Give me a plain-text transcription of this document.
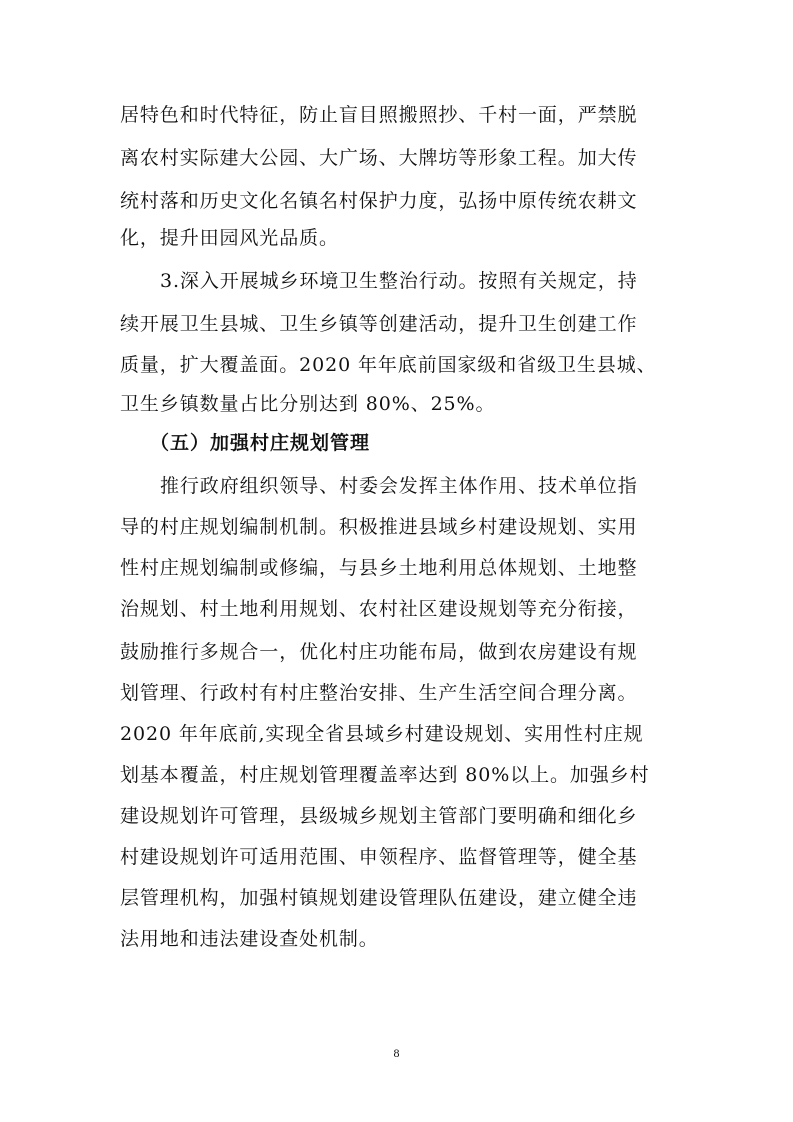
居特色和时代特征，防止盲目照搬照抄、千村一面，严禁脱
离农村实际建大公园、大广场、大牌坊等形象工程。加大传
统村落和历史文化名镇名村保护力度，弘扬中原传统农耕文
化，提升田园风光品质。
3.深入开展城乡环境卫生整治行动。按照有关规定，持
续开展卫生县城、卫生乡镇等创建活动，提升卫生创建工作
质量，扩大覆盖面。2020 年年底前国家级和省级卫生县城、
卫生乡镇数量占比分别达到 80%、25%。
（五）加强村庄规划管理
推行政府组织领导、村委会发挥主体作用、技术单位指
导的村庄规划编制机制。积极推进县域乡村建设规划、实用
性村庄规划编制或修编，与县乡土地利用总体规划、土地整
治规划、村土地利用规划、农村社区建设规划等充分衔接，
鼓励推行多规合一，优化村庄功能布局，做到农房建设有规
划管理、行政村有村庄整治安排、生产生活空间合理分离。
2020 年年底前,实现全省县域乡村建设规划、实用性村庄规
划基本覆盖，村庄规划管理覆盖率达到 80%以上。加强乡村
建设规划许可管理，县级城乡规划主管部门要明确和细化乡
村建设规划许可适用范围、申领程序、监督管理等，健全基
层管理机构，加强村镇规划建设管理队伍建设，建立健全违
法用地和违法建设查处机制。
8
